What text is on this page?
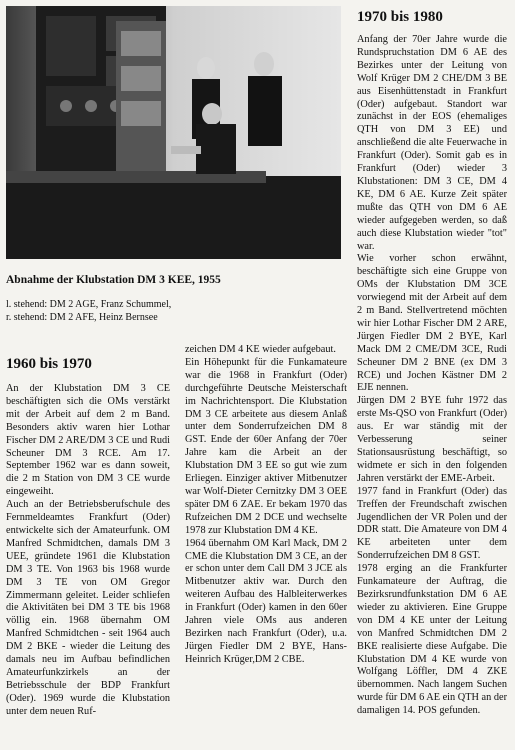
Abnahme der Klubstation DM 3 KEE, 1955
l. stehend: DM 2 AGE, Franz Schummel,
r. stehend: DM 2 AFE, Heinz Bernsee
1970 bis 1980

Anfang der 70er Jahre wurde die Rundspruchstation DM 6 AE des Bezirkes unter der Leitung von Wolf Krüger DM 2 CHE/DM 3 BE aus Eisenhüttenstadt in Frankfurt (Oder) aufgebaut. Standort war zunächst in der EOS (ehemaliges QTH von DM 3 EE) und anschließend die alte Feuerwache in Frankfurt (Oder). Somit gab es in Frankfurt (Oder) wieder 3 Klubstationen: DM 3 CE, DM 4 KE, DM 6 AE. Kurze Zeit später mußte das QTH von DM 6 AE wieder aufgegeben werden, so daß auch diese Klubstation wieder "tot" war.

Wie vorher schon erwähnt, beschäftigte sich eine Gruppe von OMs der Klubstation DM 3CE vorwiegend mit der Arbeit auf dem 2 m Band. Stellvertretend möchten wir hier Lothar Fischer DM 2 ARE, Jürgen Fiedler DM 2 BYE, Karl Mack DM 2 CME/DM 3CE, Rudi Scheuner DM 2 BNE (ex DM 3 RCE) und Jochen Kästner DM 2 EJE nennen.

Jürgen DM 2 BYE fuhr 1972 das erste Ms-QSO von Frankfurt (Oder) aus. Er war ständig mit der Verbesserung seiner Stationsausrüstung beschäftigt, so widmete er sich in den folgenden Jahren verstärkt der EME-Arbeit.

1977 fand in Frankfurt (Oder) das Treffen der Freundschaft zwischen Jugendlichen der VR Polen und der DDR statt. Die Amateure von DM 4 KE arbeiteten unter dem Sonderrufzeichen DM 8 GST.

1978 erging an die Frankfurter Funkamateure der Auftrag, die Bezirksrundfunkstation DM 6 AE wieder zu aktivieren. Eine Gruppe von DM 4 KE unter der Leitung von Manfred Schmidtchen DM 2 BKE realisierte diese Aufgabe. Die Klubstation DM 4 KE wurde von Wolfgang Löffler, DM 4 ZKE übernommen. Nach langem Suchen wurde für DM 6 AE ein QTH an der damaligen 14. POS gefunden.

1960 bis 1970

An der Klubstation DM 3 CE beschäftigten sich die OMs verstärkt mit der Arbeit auf dem 2 m Band. Besonders aktiv waren hier Lothar Fischer DM 2 ARE/DM 3 CE und Rudi Scheuner DM 3 RCE. Am 17. September 1962 war es dann soweit, die 2 m Station von DM 3 CE wurde eingeweiht.

Auch an der Betriebsberufschule des Fernmeldeamtes Frankfurt (Oder) entwickelte sich der Amateurfunk. OM Manfred Schmidtchen, damals DM 3 UEE, gründete 1961 die Klubstation DM 3 TE. Von 1963 bis 1968 wurde DM 3 TE von OM Gregor Zimmermann geleitet. Leider schliefen die Aktivitäten bei DM 3 TE bis 1968 völlig ein. 1968 übernahm OM Manfred Schmidtchen - seit 1964 auch DM 2 BKE - wieder die Leitung des damals neu im Aufbau befindlichen Amateurfunkzirkels an der Betriebsschule der BDP Frankfurt (Oder). 1969 wurde die Klubstation unter dem neuen Ruf-

zeichen DM 4 KE wieder aufgebaut.

Ein Höhepunkt für die Funkamateure war die 1968 in Frankfurt (Oder) durchgeführte Deutsche Meisterschaft im Nachrichtensport. Die Klubstation DM 3 CE arbeitete aus diesem Anlaß unter dem Sonderrufzeichen DM 8 GST. Ende der 60er Anfang der 70er Jahre kam die Arbeit an der Klubstation DM 3 EE so gut wie zum Erliegen. Einziger aktiver Mitbenutzer war Wolf-Dieter Cernitzky DM 3 OEE später DM 6 ZAE. Er bekam 1970 das Rufzeichen DM 2 DCE und wechselte 1978 zur Klubstation DM 4 KE.

1964 übernahm OM Karl Mack, DM 2 CME die Klubstation DM 3 CE, an der er schon unter dem Call DM 3 JCE als Mitbenutzer aktiv war. Durch den weiteren Aufbau des Halbleiterwerkes in Frankfurt (Oder) kamen in den 60er Jahren viele OMs aus anderen Bezirken nach Frankfurt (Oder), u.a. Jürgen Fiedler DM 2 BYE, Hans-Heinrich Krüger,DM 2 CBE.
